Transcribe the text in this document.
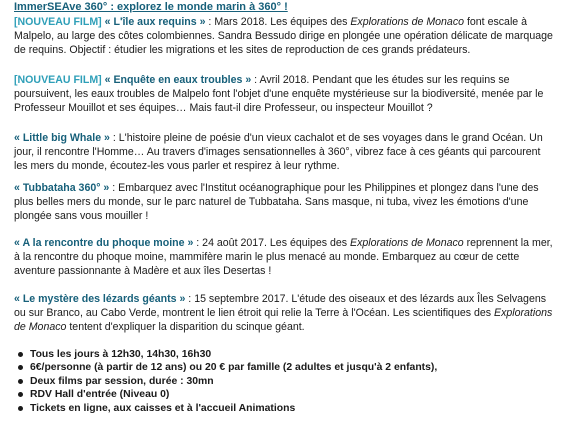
ImmerSEAve 360° : explorez le monde marin à 360° !
[NOUVEAU FILM] « L'île aux requins » : Mars 2018. Les équipes des Explorations de Monaco font escale à Malpelo, au large des côtes colombiennes. Sandra Bessudo dirige en plongée une opération délicate de marquage de requins. Objectif : étudier les migrations et les sites de reproduction de ces grands prédateurs.
[NOUVEAU FILM] « Enquête en eaux troubles » : Avril 2018. Pendant que les études sur les requins se poursuivent, les eaux troubles de Malpelo font l'objet d'une enquête mystérieuse sur la biodiversité, menée par le Professeur Mouillot et ses équipes… Mais faut-il dire Professeur, ou inspecteur Mouillot ?
« Little big Whale » : L'histoire pleine de poésie d'un vieux cachalot et de ses voyages dans le grand Océan. Un jour, il rencontre l'Homme… Au travers d'images sensationnelles à 360°, vibrez face à ces géants qui parcourent les mers du monde, écoutez-les vous parler et respirez à leur rythme.
« Tubbataha 360° » : Embarquez avec l'Institut océanographique pour les Philippines et plongez dans l'une des plus belles mers du monde, sur le parc naturel de Tubbataha. Sans masque, ni tuba, vivez les émotions d'une plongée sans vous mouiller !
« A la rencontre du phoque moine » : 24 août 2017. Les équipes des Explorations de Monaco reprennent la mer, à la rencontre du phoque moine, mammifère marin le plus menacé au monde. Embarquez au cœur de cette aventure passionnante à Madère et aux îles Desertas !
« Le mystère des lézards géants » : 15 septembre 2017. L'étude des oiseaux et des lézards aux Îles Selvagens ou sur Branco, au Cabo Verde, montrent le lien étroit qui relie la Terre à l'Océan. Les scientifiques des Explorations de Monaco tentent d'expliquer la disparition du scinque géant.
Tous les jours à 12h30, 14h30, 16h30
6€/personne (à partir de 12 ans) ou 20 € par famille (2 adultes et jusqu'à 2 enfants),
Deux films par session, durée : 30mn
RDV Hall d'entrée (Niveau 0)
Tickets en ligne, aux caisses et à l'accueil Animations
